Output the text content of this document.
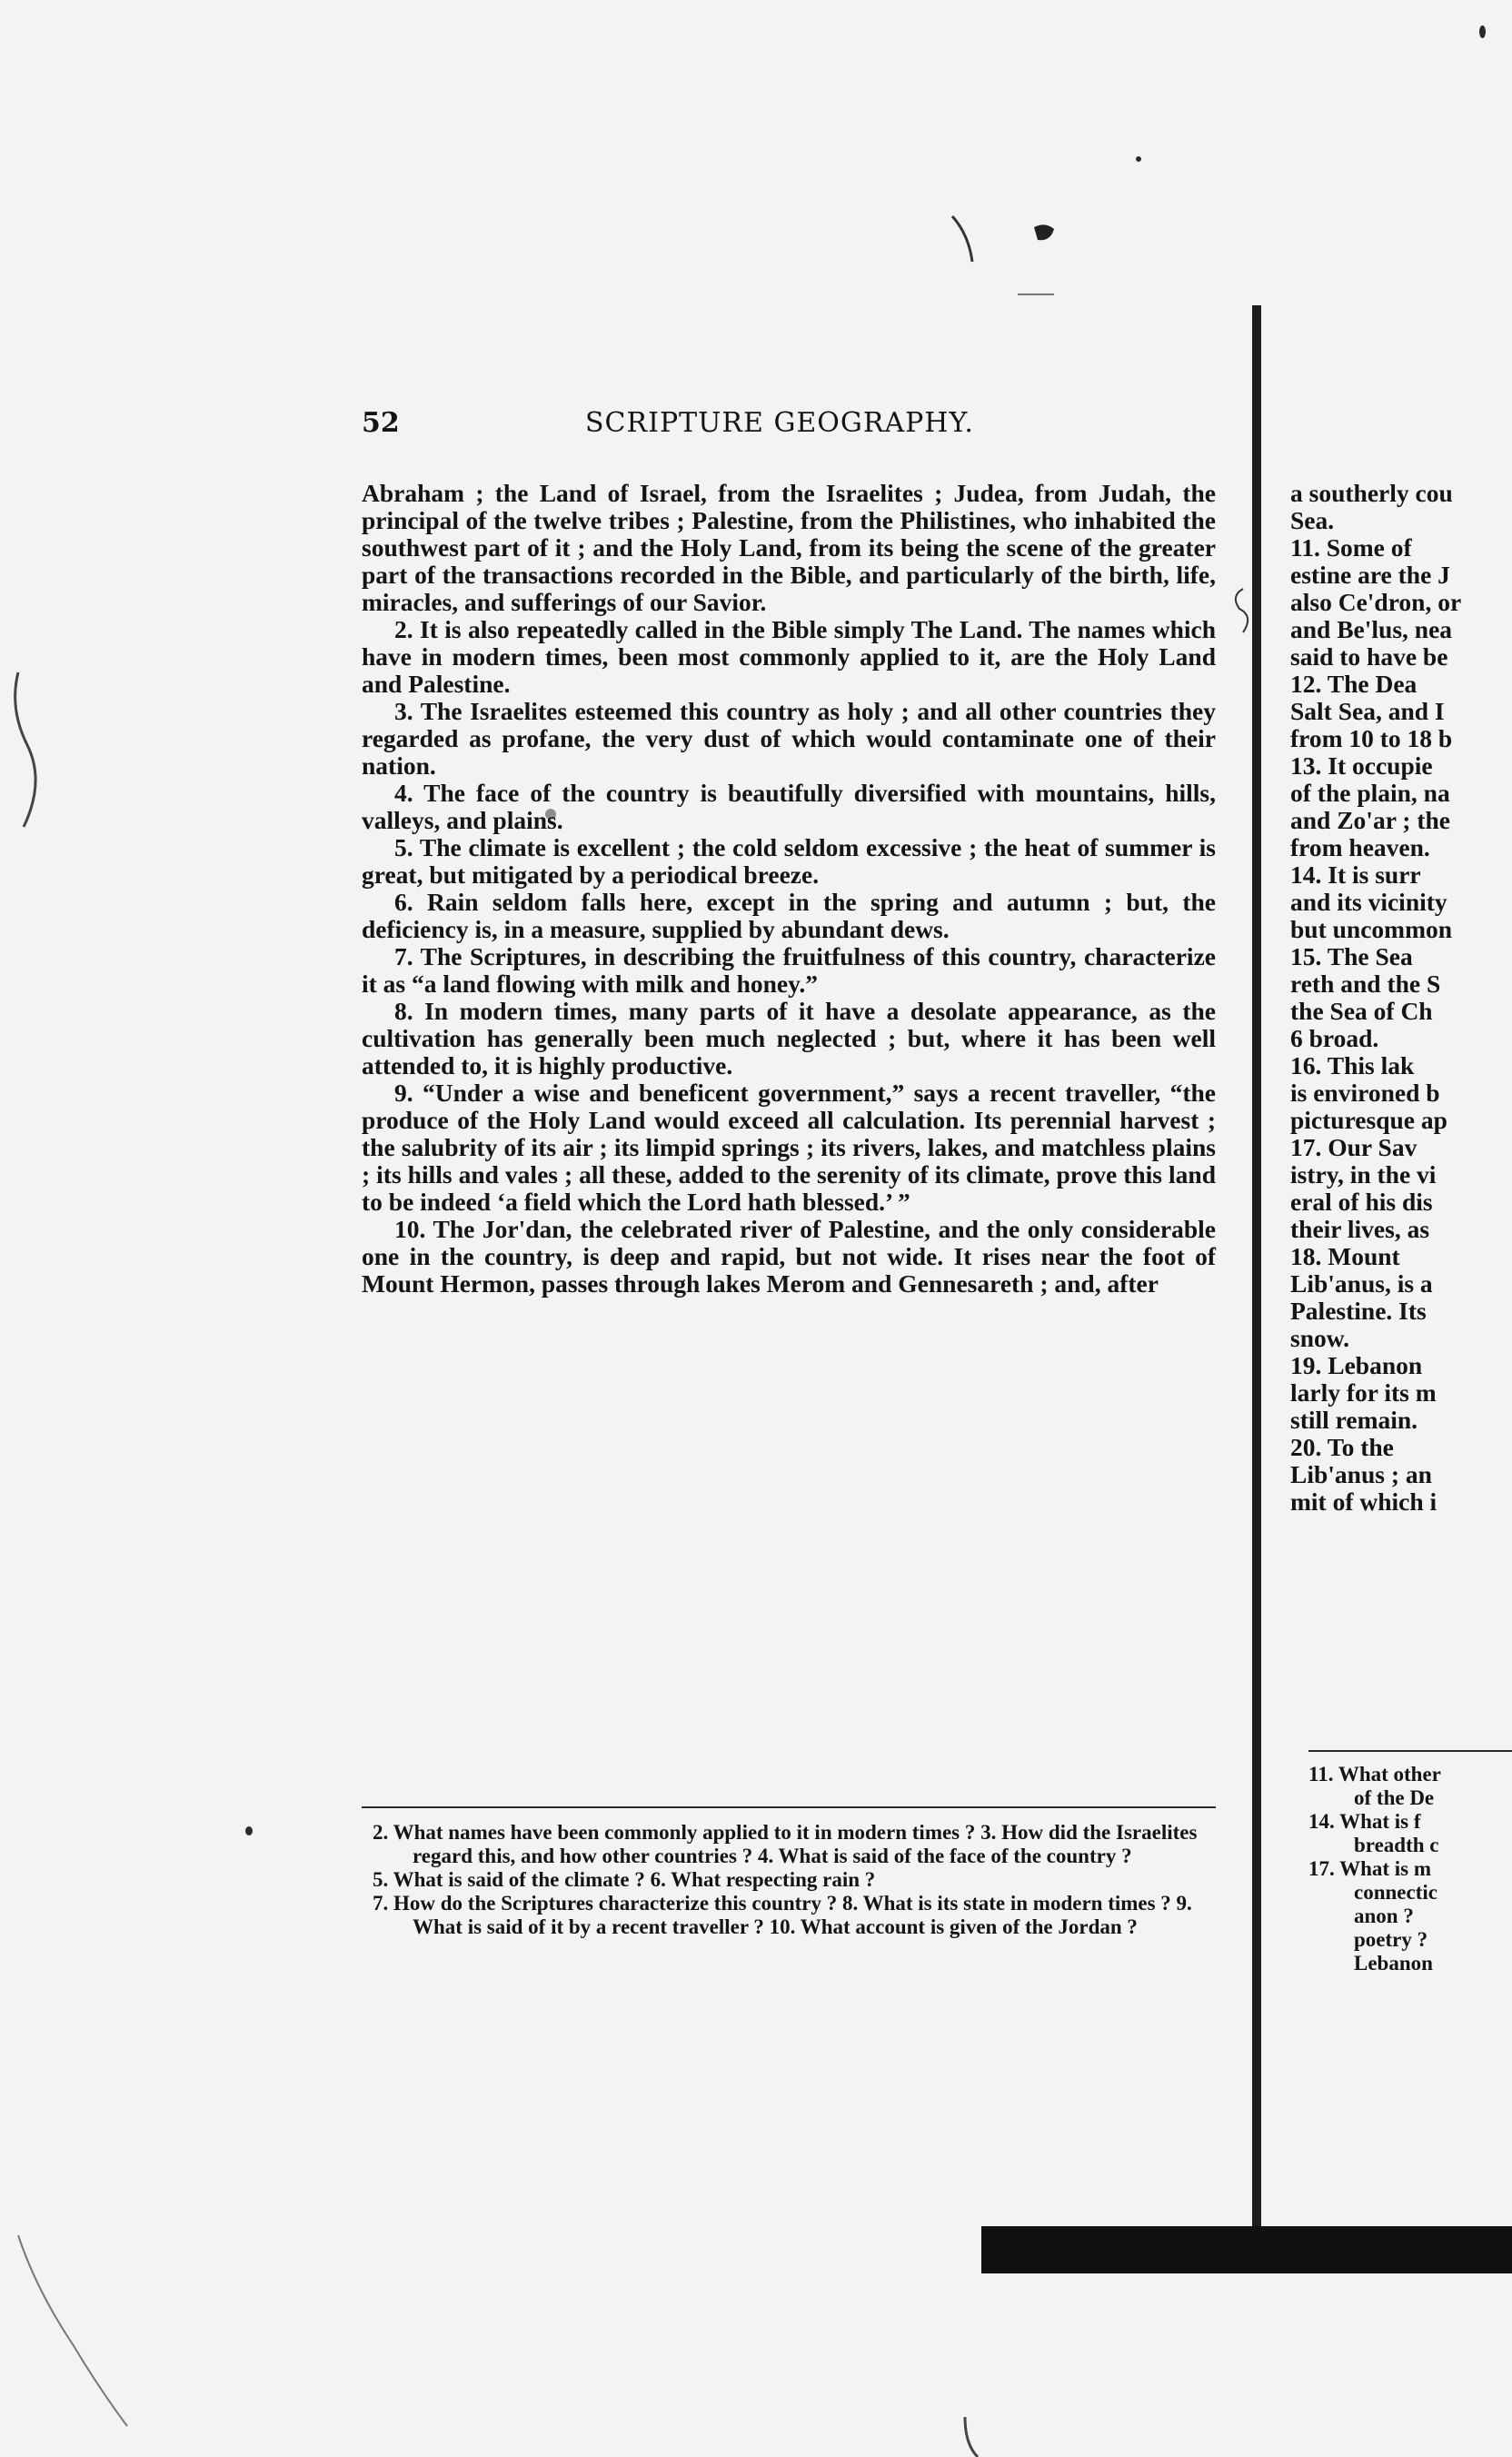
52	SCRIPTURE GEOGRAPHY.

Abraham ; the Land of Israel, from the Israelites ; Judea, from Judah, the principal of the twelve tribes ; Palestine, from the Philistines, who inhabited the southwest part of it ; and the Holy Land, from its being the scene of the greater part of the transactions recorded in the Bible, and particularly of the birth, life, miracles, and sufferings of our Savior.

2. It is also repeatedly called in the Bible simply The Land. The names which have in modern times, been most commonly applied to it, are the Holy Land and Palestine.

3. The Israelites esteemed this country as holy ; and all other countries they regarded as profane, the very dust of which would contaminate one of their nation.

4. The face of the country is beautifully diversified with mountains, hills, valleys, and plains.

5. The climate is excellent ; the cold seldom excessive ; the heat of summer is great, but mitigated by a periodical breeze.

6. Rain seldom falls here, except in the spring and autumn ; but, the deficiency is, in a measure, supplied by abundant dews.

7. The Scriptures, in describing the fruitfulness of this country, characterize it as “a land flowing with milk and honey.”

8. In modern times, many parts of it have a desolate appearance, as the cultivation has generally been much neglected ; but, where it has been well attended to, it is highly productive.

9. “Under a wise and beneficent government,” says a recent traveller, “the produce of the Holy Land would exceed all calculation. Its perennial harvest ; the salubrity of its air ; its limpid springs ; its rivers, lakes, and matchless plains ; its hills and vales ; all these, added to the serenity of its climate, prove this land to be indeed ‘a field which the Lord hath blessed.’ ”

10. The Jor'dan, the celebrated river of Palestine, and the only considerable one in the country, is deep and rapid, but not wide. It rises near the foot of Mount Hermon, passes through lakes Merom and Gennesareth ; and, after

2. What names have been commonly applied to it in modern times ? 3. How did the Israelites regard this, and how other countries ? 4. What is said of the face of the country ?

5. What is said of the climate ? 6. What respecting rain ?

7. How do the Scriptures characterize this country ? 8. What is its state in modern times ? 9. What is said of it by a recent traveller ? 10. What account is given of the Jordan ?

a southerly cou
Sea.
11. Some of
estine are the J
also Ce'dron, or
and Be'lus, nea
said to have be
12. The Dea
Salt Sea, and I
from 10 to 18 b
13. It occupie
of the plain, na
and Zo'ar ; the
from heaven.
14. It is surr
and its vicinity
but uncommon
15. The Sea
reth and the S
the Sea of Ch
6 broad.
16. This lak
is environed b
picturesque ap
17. Our Sav
istry, in the vi
eral of his dis
their lives, as
18. Mount
Lib'anus, is a
Palestine. Its
snow.
19. Lebanon
larly for its m
still remain.
20. To the
Lib'anus ; an
mit of which i
11. What other
of the De
14. What is f
breadth c
17. What is m
connectic
anon ?
poetry ?
Lebanon
